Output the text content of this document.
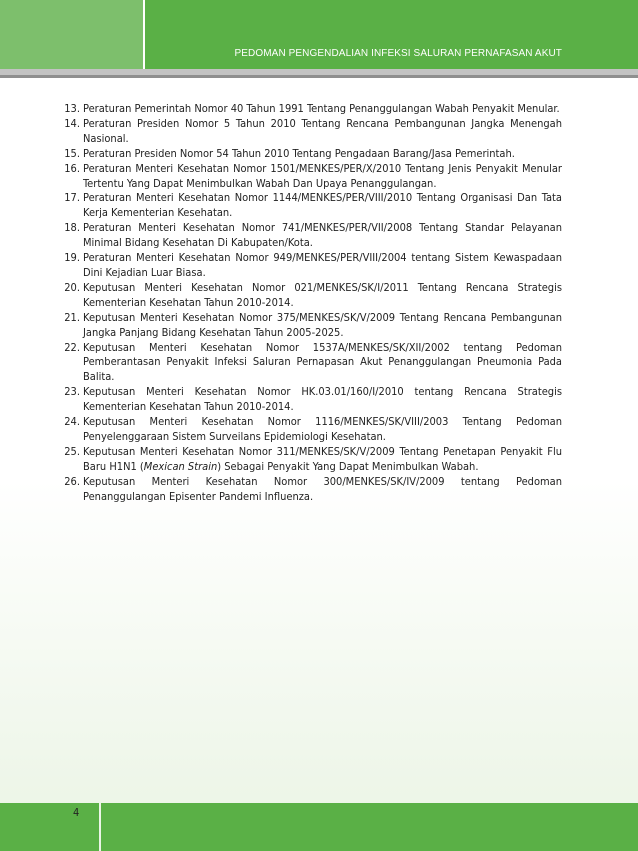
PEDOMAN PENGENDALIAN INFEKSI SALURAN PERNAFASAN AKUT
13. Peraturan Pemerintah Nomor 40 Tahun 1991 Tentang Penanggulangan Wabah Penyakit Menular.
14. Peraturan Presiden Nomor 5 Tahun 2010 Tentang Rencana Pembangunan Jangka Menengah Nasional.
15. Peraturan Presiden Nomor 54 Tahun 2010 Tentang Pengadaan Barang/Jasa Pemerintah.
16. Peraturan Menteri Kesehatan Nomor 1501/MENKES/PER/X/2010 Tentang Jenis Penyakit Menular Tertentu Yang Dapat Menimbulkan Wabah Dan Upaya Penanggulangan.
17. Peraturan Menteri Kesehatan Nomor 1144/MENKES/PER/VIII/2010 Tentang Organisasi Dan Tata Kerja Kementerian Kesehatan.
18. Peraturan Menteri Kesehatan Nomor 741/MENKES/PER/VII/2008 Tentang Standar Pelayanan Minimal Bidang Kesehatan Di Kabupaten/Kota.
19. Peraturan Menteri Kesehatan Nomor 949/MENKES/PER/VIII/2004 tentang Sistem Kewaspadaan Dini Kejadian Luar Biasa.
20. Keputusan Menteri Kesehatan Nomor 021/MENKES/SK/I/2011 Tentang Rencana Strategis Kementerian Kesehatan Tahun 2010-2014.
21. Keputusan Menteri Kesehatan Nomor 375/MENKES/SK/V/2009 Tentang Rencana Pembangunan Jangka Panjang Bidang Kesehatan Tahun 2005-2025.
22. Keputusan Menteri Kesehatan Nomor 1537A/MENKES/SK/XII/2002 tentang Pedoman Pemberantasan Penyakit Infeksi Saluran Pernapasan Akut Penanggulangan Pneumonia Pada Balita.
23. Keputusan Menteri Kesehatan Nomor HK.03.01/160/I/2010 tentang Rencana Strategis Kementerian Kesehatan Tahun 2010-2014.
24. Keputusan Menteri Kesehatan Nomor 1116/MENKES/SK/VIII/2003 Tentang Pedoman Penyelenggaraan Sistem Surveilans Epidemiologi Kesehatan.
25. Keputusan Menteri Kesehatan Nomor 311/MENKES/SK/V/2009 Tentang Penetapan Penyakit Flu Baru H1N1 (Mexican Strain) Sebagai Penyakit Yang Dapat Menimbulkan Wabah.
26. Keputusan Menteri Kesehatan Nomor 300/MENKES/SK/IV/2009 tentang Pedoman Penanggulangan Episenter Pandemi Influenza.
4
